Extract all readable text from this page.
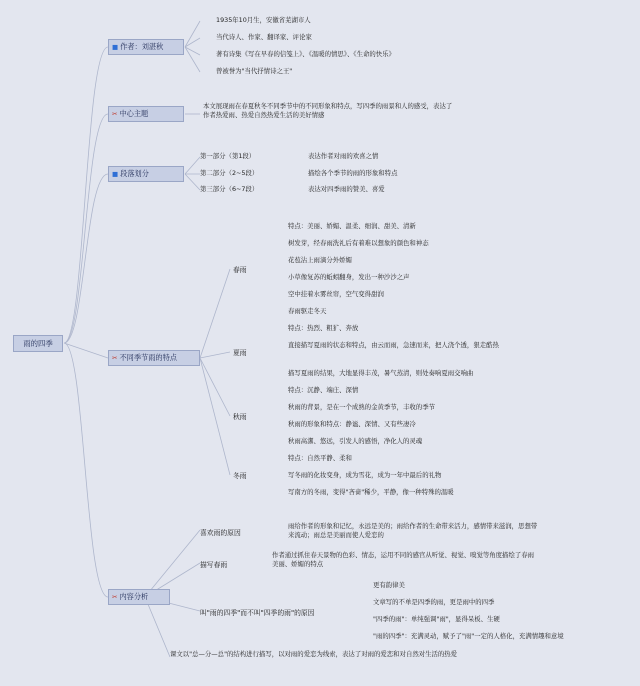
雨的四季
■ 作者：刘湛秋
1935年10月生，安徽省芜湖市人
当代诗人、作家、翻译家、评论家
著有诗集《写在早春的信笺上》、《温暖的情思》、《生命的快乐》
曾被誉为"当代抒情诗之王"
✂ 中心主题
本文展现雨在春夏秋冬不同季节中的不同形象和特点，写四季的雨景和人的感受，表达了作者热爱雨、热爱自然热爱生活的美好情感
■ 段落划分
第一部分（第1段）	表达作者对雨的欢喜之情
第二部分（2~5段）	描绘各个季节的雨的形象和特点
第三部分（6~7段）	表达对四季雨的赞美、喜爱
✂ 不同季节雨的特点
春雨
特点：美丽、娇媚、温柔、细润、甜美、清新
树发芽，经春雨洗礼后有着难以想象的颜色和神态
花苞沾上雨滴分外娇媚
小草像复苏的蚯蚓翻身，发出一种沙沙之声
空中挂着水雾丝帘，空气变得甜润
春雨驱走冬天
夏雨
特点：热烈、粗犷、奔放
直接描写夏雨的状态和特点，由云而雨，急速而来，把人浇个透，狠走酷热
描写夏雨的结果，大地显得丰茂，暑气蒸清，则处奏响夏雨交响曲
秋雨
特点：沉静、端庄、深情
秋雨的背景，是在一个成熟的金黄季节，丰收的季节
秋雨的形象和特点：静谧、深情、又有些凄冷
秋雨高潔、悠远，引发人的感悟，净化人的灵魂
冬雨
特点：自然平静、柔和
写冬雨的化妆变身，成为雪花，成为一年中最后的礼物
写南方的冬雨，变得"吝啬"稀少，平静，像一种特殊的温暖
✂ 内容分析
喜欢雨的原因
雨给作者的形象和记忆，永远是美的；雨给作者的生命带来活力，感情带来滋润，思想带来流动；雨总是美丽而使人爱恋的
描写春雨
作者通过抓住春天景物的色彩、情态，运用不同的感官从听觉、视觉、嗅觉等角度描绘了春雨美丽、娇媚的特点
叫"雨的四季"而不叫"四季的雨"的原因
更有韵律美
文章写的不单是四季的雨，更是雨中的四季
"四季的雨"：单纯强调"雨"，显得呆板、生硬
"雨的四季"：充满灵动，赋予了"雨"一定的人格化，充满情趣和意境
课文以"总—分—总"的结构进行描写，以对雨的爱恋为线索，表达了对雨的爱恋和对自然对生活的热爱
